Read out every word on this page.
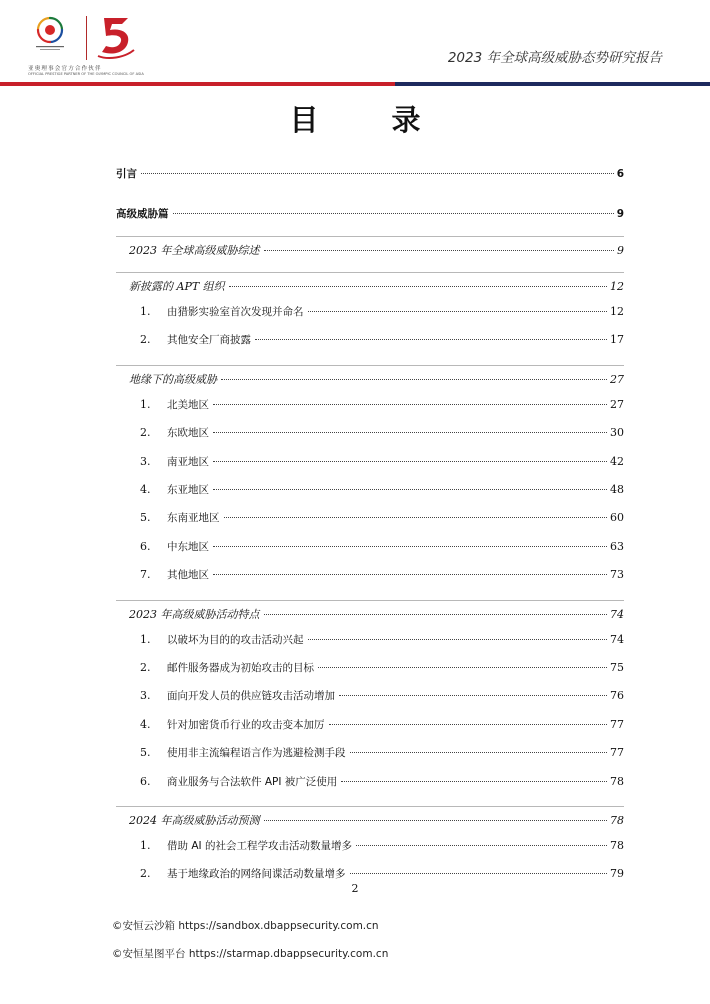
亚奥理事会官方合作伙伴
OFFICIAL PRESTIGE PARTNER OF THE OLYMPIC COUNCIL OF ASIA
2023 年全球高级威胁态势研究报告
目　录
引言	6
高级威胁篇	9
2023 年全球高级威胁综述	9
新披露的 APT 组织	12
1.	由猎影实验室首次发现并命名	12
2.	其他安全厂商披露	17
地缘下的高级威胁	27
1.	北美地区	27
2.	东欧地区	30
3.	南亚地区	42
4.	东亚地区	48
5.	东南亚地区	60
6.	中东地区	63
7.	其他地区	73
2023 年高级威胁活动特点	74
1.	以破坏为目的的攻击活动兴起	74
2.	邮件服务器成为初始攻击的目标	75
3.	面向开发人员的供应链攻击活动增加	76
4.	针对加密货币行业的攻击变本加厉	77
5.	使用非主流编程语言作为逃避检测手段	77
6.	商业服务与合法软件 API 被广泛使用	78
2024 年高级威胁活动预测	78
1.	借助 AI 的社会工程学攻击活动数量增多	78
2.	基于地缘政治的网络间谍活动数量增多	79
2
©安恒云沙箱 https://sandbox.dbappsecurity.com.cn
©安恒星图平台 https://starmap.dbappsecurity.com.cn
